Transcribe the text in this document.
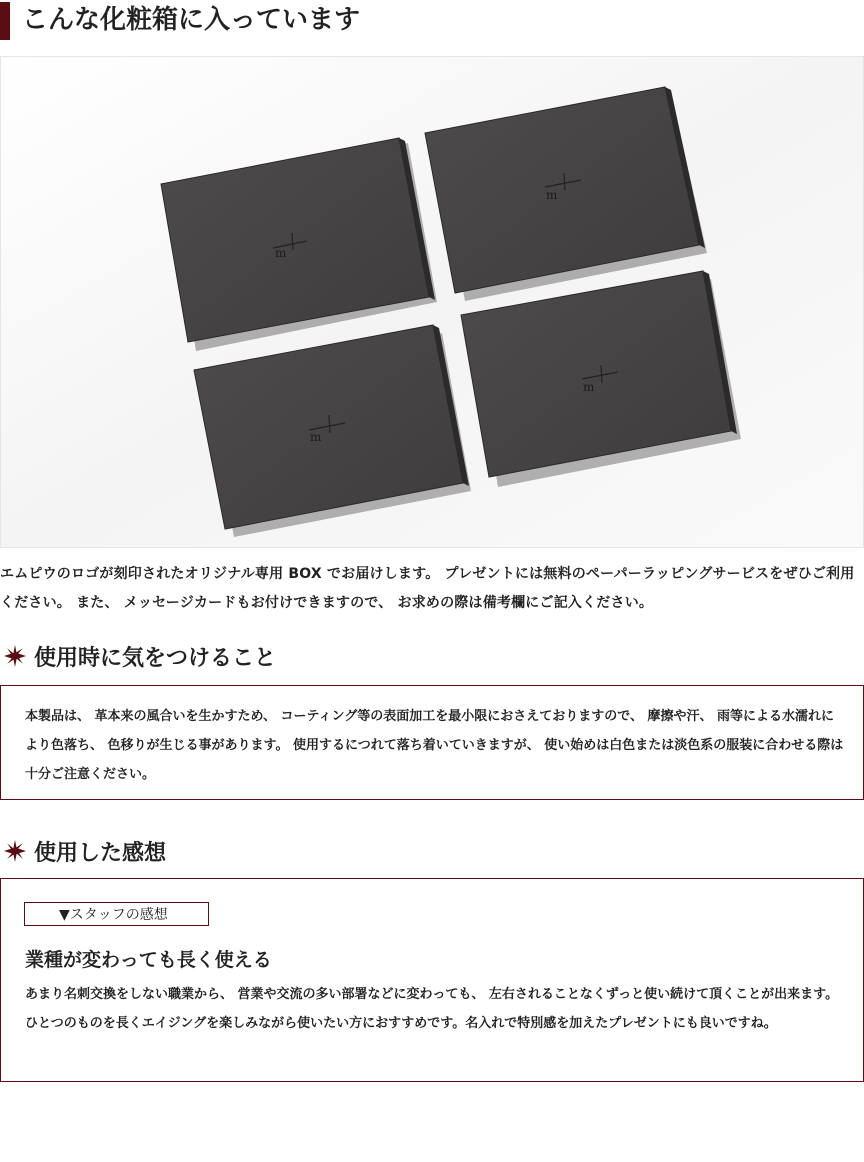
こんな化粧箱に入っています
m
m
m
m
エムピウのロゴが刻印されたオリジナル専用 BOX でお届けします。 プレゼントには無料のペーパーラッピングサービスをぜひご利用ください。 また、 メッセージカードもお付けできますので、 お求めの際は備考欄にご記入ください。
使用時に気をつけること
本製品は、 革本来の風合いを生かすため、 コーティング等の表面加工を最小限におさえておりますので、 摩擦や汗、 雨等による水濡れにより色落ち、 色移りが生じる事があります。 使用するにつれて落ち着いていきますが、 使い始めは白色または淡色系の服装に合わせる際は十分ご注意ください。
使用した感想
▼スタッフの感想
業種が変わっても長く使える
あまり名刺交換をしない職業から、 営業や交流の多い部署などに変わっても、 左右されることなくずっと使い続けて頂くことが出来ます。ひとつのものを長くエイジングを楽しみながら使いたい方におすすめです。名入れで特別感を加えたプレゼントにも良いですね。
